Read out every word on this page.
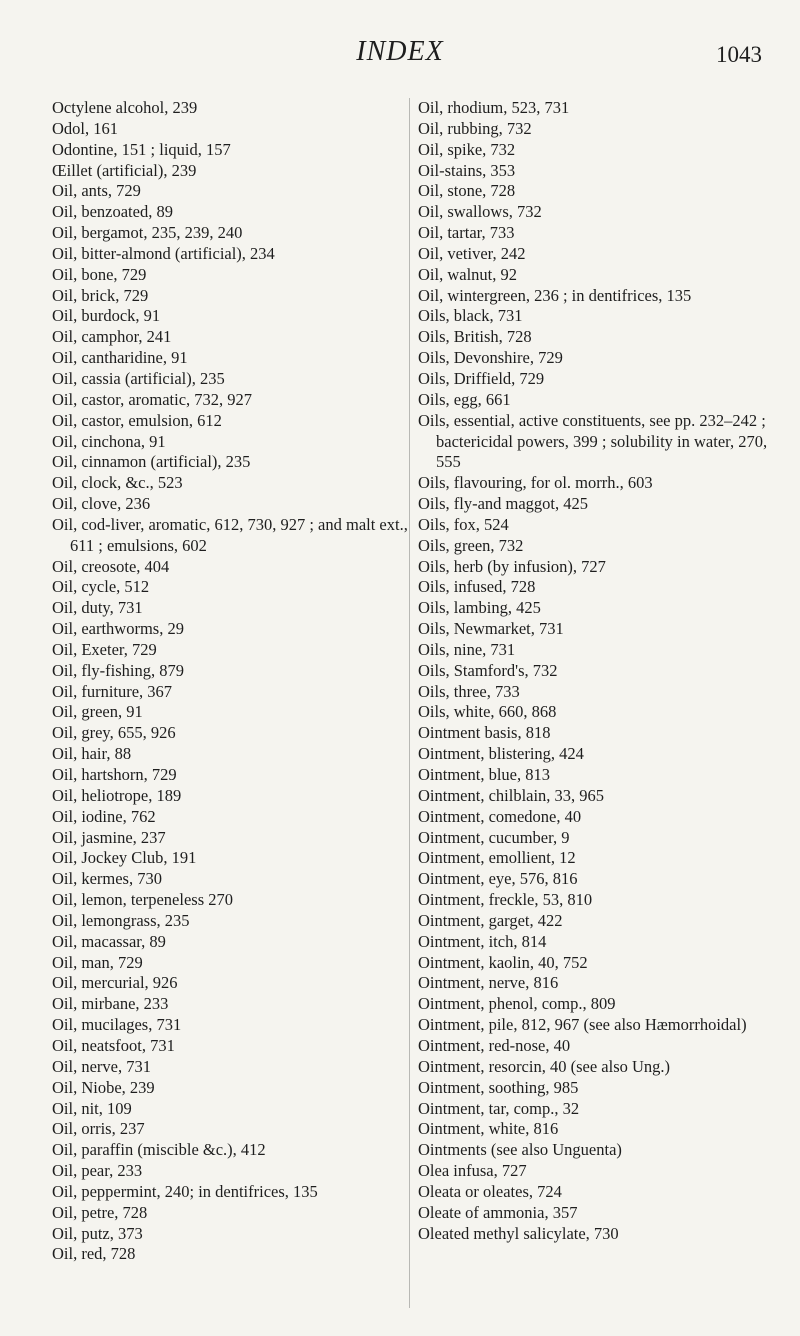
INDEX	1043
Octylene alcohol, 239
Odol, 161
Odontine, 151 ; liquid, 157
Œillet (artificial), 239
Oil, ants, 729
Oil, benzoated, 89
Oil, bergamot, 235, 239, 240
Oil, bitter-almond (artificial), 234
Oil, bone, 729
Oil, brick, 729
Oil, burdock, 91
Oil, camphor, 241
Oil, cantharidine, 91
Oil, cassia (artificial), 235
Oil, castor, aromatic, 732, 927
Oil, castor, emulsion, 612
Oil, cinchona, 91
Oil, cinnamon (artificial), 235
Oil, clock, &c., 523
Oil, clove, 236
Oil, cod-liver, aromatic, 612, 730, 927 ; and malt ext., 611 ; emulsions, 602
Oil, creosote, 404
Oil, cycle, 512
Oil, duty, 731
Oil, earthworms, 29
Oil, Exeter, 729
Oil, fly-fishing, 879
Oil, furniture, 367
Oil, green, 91
Oil, grey, 655, 926
Oil, hair, 88
Oil, hartshorn, 729
Oil, heliotrope, 189
Oil, iodine, 762
Oil, jasmine, 237
Oil, Jockey Club, 191
Oil, kermes, 730
Oil, lemon, terpeneless 270
Oil, lemongrass, 235
Oil, macassar, 89
Oil, man, 729
Oil, mercurial, 926
Oil, mirbane, 233
Oil, mucilages, 731
Oil, neatsfoot, 731
Oil, nerve, 731
Oil, Niobe, 239
Oil, nit, 109
Oil, orris, 237
Oil, paraffin (miscible &c.), 412
Oil, pear, 233
Oil, peppermint, 240; in dentifrices, 135
Oil, petre, 728
Oil, putz, 373
Oil, red, 728
Oil, rhodium, 523, 731
Oil, rubbing, 732
Oil, spike, 732
Oil-stains, 353
Oil, stone, 728
Oil, swallows, 732
Oil, tartar, 733
Oil, vetiver, 242
Oil, walnut, 92
Oil, wintergreen, 236 ; in dentifrices, 135
Oils, black, 731
Oils, British, 728
Oils, Devonshire, 729
Oils, Driffield, 729
Oils, egg, 661
Oils, essential, active constituents, see pp. 232–242 ; bactericidal powers, 399 ; solubility in water, 270, 555
Oils, flavouring, for ol. morrh., 603
Oils, fly-and maggot, 425
Oils, fox, 524
Oils, green, 732
Oils, herb (by infusion), 727
Oils, infused, 728
Oils, lambing, 425
Oils, Newmarket, 731
Oils, nine, 731
Oils, Stamford's, 732
Oils, three, 733
Oils, white, 660, 868
Ointment basis, 818
Ointment, blistering, 424
Ointment, blue, 813
Ointment, chilblain, 33, 965
Ointment, comedone, 40
Ointment, cucumber, 9
Ointment, emollient, 12
Ointment, eye, 576, 816
Ointment, freckle, 53, 810
Ointment, garget, 422
Ointment, itch, 814
Ointment, kaolin, 40, 752
Ointment, nerve, 816
Ointment, phenol, comp., 809
Ointment, pile, 812, 967 (see also Hæmorrhoidal)
Ointment, red-nose, 40
Ointment, resorcin, 40 (see also Ung.)
Ointment, soothing, 985
Ointment, tar, comp., 32
Ointment, white, 816
Ointments (see also Unguenta)
Olea infusa, 727
Oleata or oleates, 724
Oleate of ammonia, 357
Oleated methyl salicylate, 730
